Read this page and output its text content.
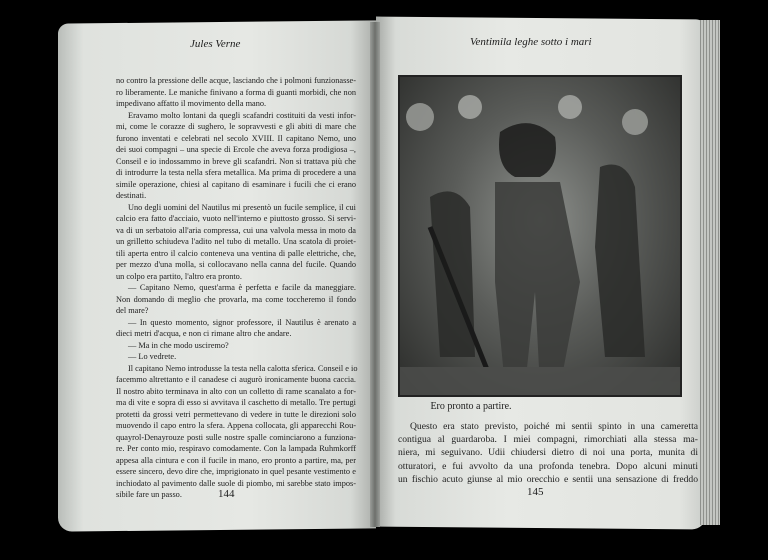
Jules Verne	Ventimila leghe sotto i mari
no contro la pressione delle acque, lasciando che i polmoni funzionasse-
ro liberamente. Le maniche finivano a forma di guanti morbidi, che non
impedivano affatto il movimento della mano.
Eravamo molto lontani da quegli scafandri costituiti da vesti infor-
mi, come le corazze di sughero, le sopravvesti e gli abiti di mare che
furono inventati e celebrati nel secolo XVIII. Il capitano Nemo, uno
dei suoi compagni – una specie di Ercole che aveva forza prodigiosa –,
Conseil e io indossammo in breve gli scafandri. Non si trattava più che
di introdurre la testa nella sfera metallica. Ma prima di procedere a una
simile operazione, chiesi al capitano di esaminare i fucili che ci erano
destinati.
Uno degli uomini del Nautilus mi presentò un fucile semplice, il cui
calcio era fatto d'acciaio, vuoto nell'interno e piuttosto grosso. Si servi-
va di un serbatoio all'aria compressa, cui una valvola messa in moto da
un grilletto schiudeva l'adito nel tubo di metallo. Una scatola di proiet-
tili aperta entro il calcio conteneva una ventina di palle elettriche, che,
per mezzo d'una molla, si collocavano nella canna del fucile. Quando
un colpo era partito, l'altro era pronto.
— Capitano Nemo, quest'arma è perfetta e facile da maneggiare.
Non domando di meglio che provarla, ma come toccheremo il fondo
del mare?
— In questo momento, signor professore, il Nautilus è arenato a
dieci metri d'acqua, e non ci rimane altro che andare.
— Ma in che modo usciremo?
— Lo vedrete.
Il capitano Nemo introdusse la testa nella calotta sferica. Conseil e io
facemmo altrettanto e il canadese ci augurò ironicamente buona caccia.
Il nostro abito terminava in alto con un colletto di rame scanalato a for-
ma di vite e sopra di esso si avvitava il caschetto di metallo. Tre pertugi
protetti da grossi vetri permettevano di vedere in tutte le direzioni solo
muovendo il capo entro la sfera. Appena collocata, gli apparecchi Rou-
quayrol-Denayrouze posti sulle nostre spalle cominciarono a funziona-
re. Per conto mio, respiravo comodamente. Con la lampada Ruhmkorff
appesa alla cintura e con il fucile in mano, ero pronto a partire, ma, per
essere sincero, devo dire che, imprigionato in quel pesante vestimento e
inchiodato al pavimento dalle suole di piombo, mi sarebbe stato impos-
sibile fare un passo.
Ero pronto a partire.
Questo era stato previsto, poiché mi sentii spinto in una cameretta
contigua al guardaroba. I miei compagni, rimorchiati alla stessa ma-
niera, mi seguivano. Udii chiudersi dietro di noi una porta, munita di
otturatori, e fui avvolto da una profonda tenebra. Dopo alcuni minuti
un fischio acuto giunse al mio orecchio e sentii una sensazione di freddo
144	145
